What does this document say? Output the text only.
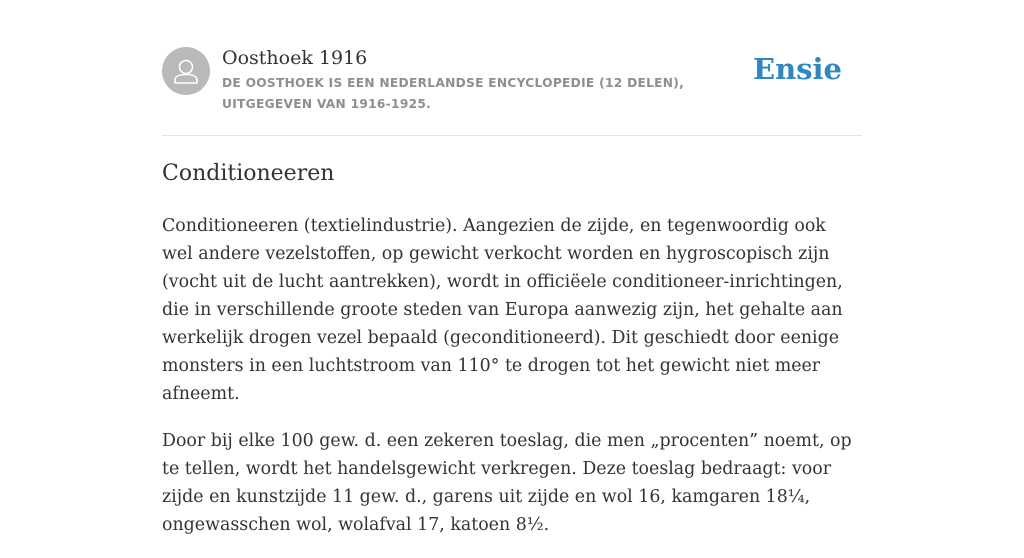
Oosthoek 1916
DE OOSTHOEK IS EEN NEDERLANDSE ENCYCLOPEDIE (12 DELEN), UITGEGEVEN VAN 1916-1925.
Ensie
Conditioneeren

Conditioneeren (textielindustrie). Aangezien de zijde, en tegenwoordig ook wel andere vezelstoffen, op gewicht verkocht worden en hygroscopisch zijn (vocht uit de lucht aantrekken), wordt in officiëele conditioneer-inrichtingen, die in verschillende groote steden van Europa aanwezig zijn, het gehalte aan werkelijk drogen vezel bepaald (geconditioneerd). Dit geschiedt door eenige monsters in een luchtstroom van 110° te drogen tot het gewicht niet meer afneemt.

Door bij elke 100 gew. d. een zekeren toeslag, die men „procenten” noemt, op te tellen, wordt het handelsgewicht verkregen. Deze toeslag bedraagt: voor zijde en kunstzijde 11 gew. d., garens uit zijde en wol 16, kamgaren 18¼, ongewasschen wol, wolafval 17, katoen 8½.
